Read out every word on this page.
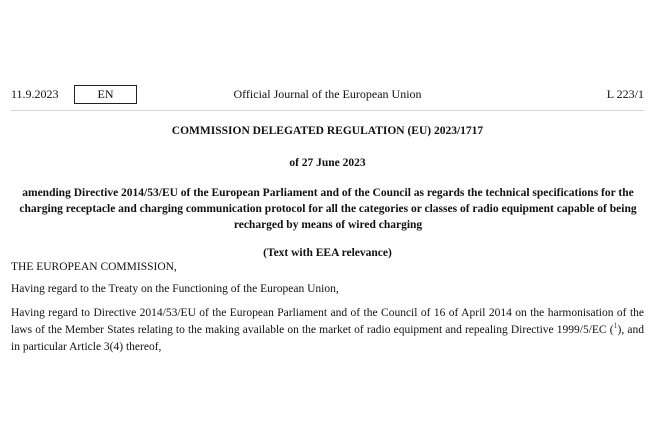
11.9.2023	EN	Official Journal of the European Union	L 223/1

COMMISSION DELEGATED REGULATION (EU) 2023/1717

of 27 June 2023

amending Directive 2014/53/EU of the European Parliament and of the Council as regards the technical specifications for the charging receptacle and charging communication protocol for all the categories or classes of radio equipment capable of being recharged by means of wired charging

(Text with EEA relevance)

THE EUROPEAN COMMISSION,

Having regard to the Treaty on the Functioning of the European Union,

Having regard to Directive 2014/53/EU of the European Parliament and of the Council of 16 of April 2014 on the harmonisation of the laws of the Member States relating to the making available on the market of radio equipment and repealing Directive 1999/5/EC ($^1$), and in particular Article 3(4) thereof,
